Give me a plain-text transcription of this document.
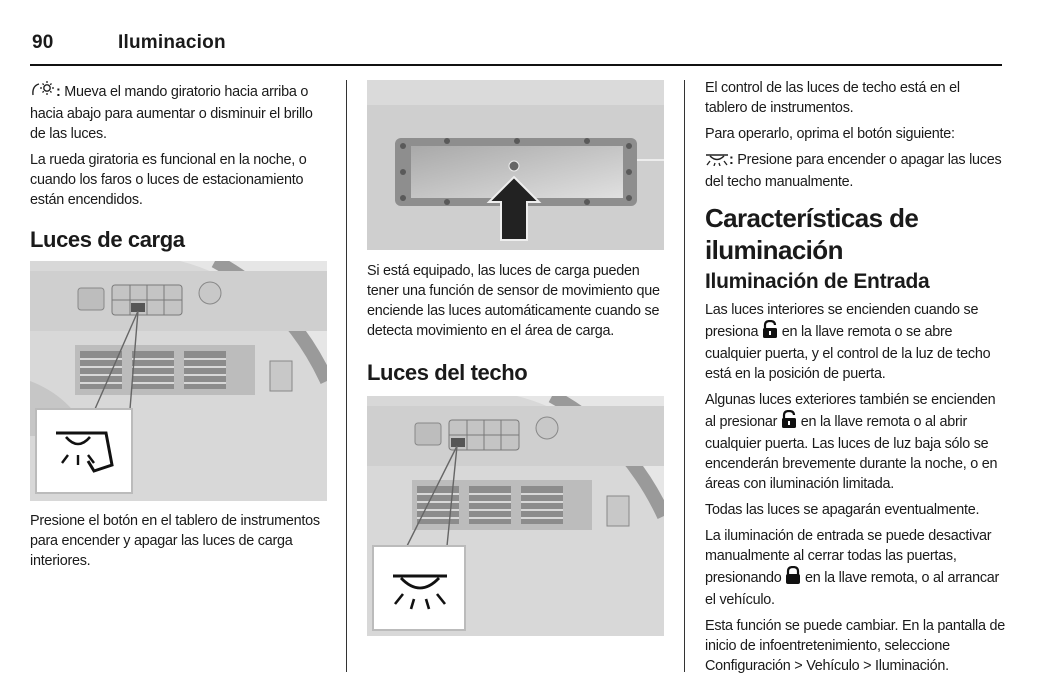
90	Iluminacion

: Mueva el mando giratorio hacia arriba o hacia abajo para aumentar o disminuir el brillo de las luces.

La rueda giratoria es funcional en la noche, o cuando los faros o luces de estacionamiento están encendidos.

Luces de carga

Presione el botón en el tablero de instrumentos para encender y apagar las luces de carga interiores.

Si está equipado, las luces de carga pueden tener una función de sensor de movimiento que enciende las luces automáticamente cuando se detecta movimiento en el área de carga.

Luces del techo

El control de las luces de techo está en el tablero de instrumentos.

Para operarlo, oprima el botón siguiente:

: Presione para encender o apagar las luces del techo manualmente.

Características de iluminación
Iluminación de Entrada

Las luces interiores se encienden cuando se presiona en la llave remota o se abre cualquier puerta, y el control de la luz de techo está en la posición de puerta.

Algunas luces exteriores también se encienden al presionar en la llave remota o al abrir cualquier puerta. Las luces de luz baja sólo se encenderán brevemente durante la noche, o en áreas con iluminación limitada.

Todas las luces se apagarán eventualmente.

La iluminación de entrada se puede desactivar manualmente al cerrar todas las puertas, presionando en la llave remota, o al arrancar el vehículo.

Esta función se puede cambiar. En la pantalla de inicio de infoentretenimiento, seleccione Configuración > Vehículo > Iluminación.
